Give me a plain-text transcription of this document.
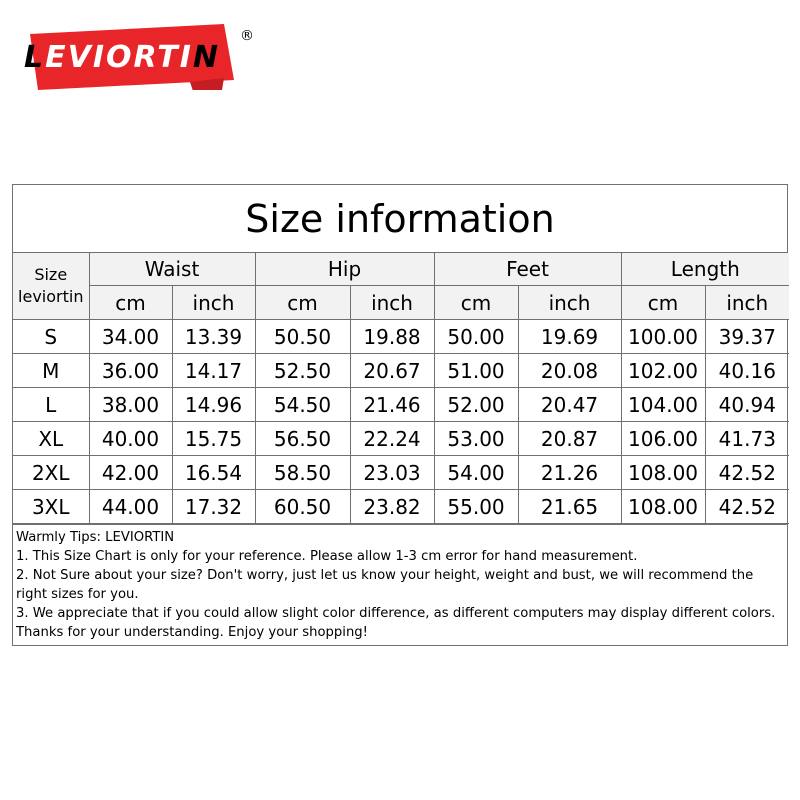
L EVIORTI N
®
Size information
Size
leviortin	Waist		Hip		Feet		Length	
	cm	inch	cm	inch	cm	inch	cm	inch
S	34.00	13.39	50.50	19.88	50.00	19.69	100.00	39.37
M	36.00	14.17	52.50	20.67	51.00	20.08	102.00	40.16
L	38.00	14.96	54.50	21.46	52.00	20.47	104.00	40.94
XL	40.00	15.75	56.50	22.24	53.00	20.87	106.00	41.73
2XL	42.00	16.54	58.50	23.03	54.00	21.26	108.00	42.52
3XL	44.00	17.32	60.50	23.82	55.00	21.65	108.00	42.52

Warmly Tips: LEVIORTIN

1. This Size Chart is only for your reference. Please allow 1-3 cm error for hand measurement.

2. Not Sure about your size? Don't worry, just let us know your height, weight and bust, we will recommend the right sizes for you.

3. We appreciate that if you could allow slight color difference, as different computers may display different colors.

Thanks for your understanding. Enjoy your shopping!
